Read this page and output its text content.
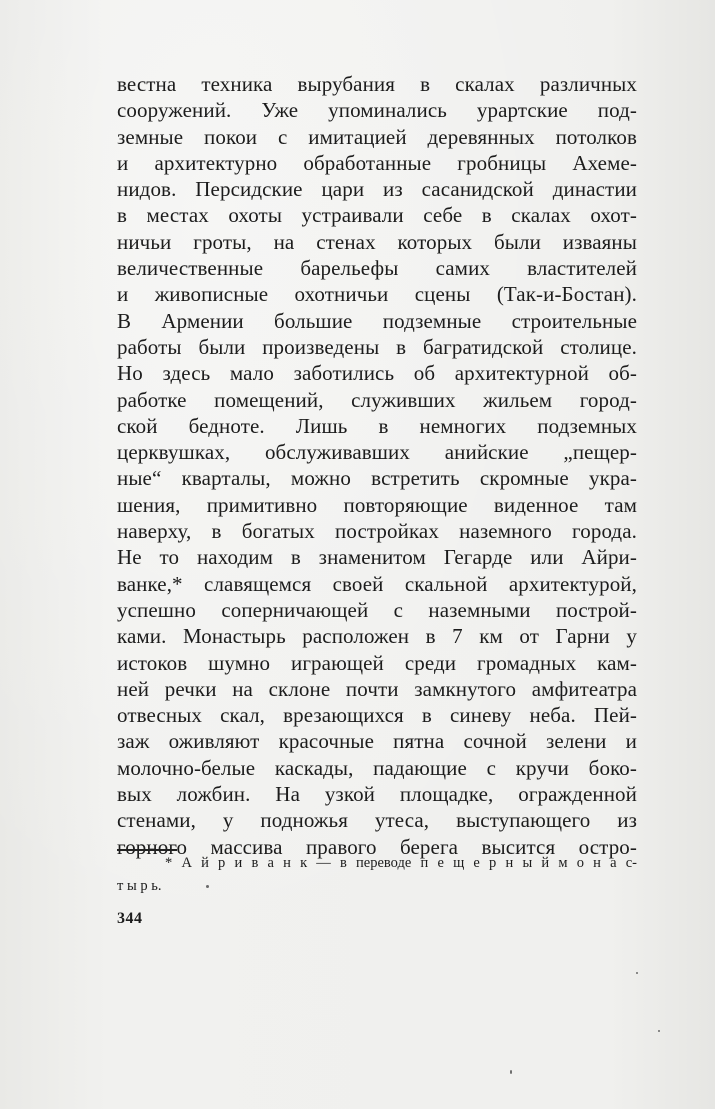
вестна техника вырубания в скалах различных
сооружений. Уже упоминались урартские под-
земные покои с имитацией деревянных потолков
и архитектурно обработанные гробницы Ахеме-
нидов. Персидские цари из сасанидской династии
в местах охоты устраивали себе в скалах охот-
ничьи гроты, на стенах которых были изваяны
величественные барельефы самих властителей
и живописные охотничьи сцены (Так-и-Бостан).
В Армении большие подземные строительные
работы были произведены в багратидской столице.
Но здесь мало заботились об архитектурной об-
работке помещений, служивших жильем город-
ской бедноте. Лишь в немногих подземных
церквушках, обслуживавших анийские „пещер-
ные“ кварталы, можно встретить скромные укра-
шения, примитивно повторяющие виденное там
наверху, в богатых постройках наземного города.
Не то находим в знаменитом Гегарде или Айри-
ванке,* славящемся своей скальной архитектурой,
успешно соперничающей с наземными построй-
ками. Монастырь расположен в 7 км от Гарни у
истоков шумно играющей среди громадных кам-
ней речки на склоне почти замкнутого амфитеатра
отвесных скал, врезающихся в синеву неба. Пей-
заж оживляют красочные пятна сочной зелени и
молочно-белые каскады, падающие с кручи боко-
вых ложбин. На узкой площадке, огражденной
стенами, у подножья утеса, выступающего из
горного массива правого берега высится остро-
* А й р и в а н к — в переводе п е щ е р н ы й м о н а с-
т ы р ь.
344
